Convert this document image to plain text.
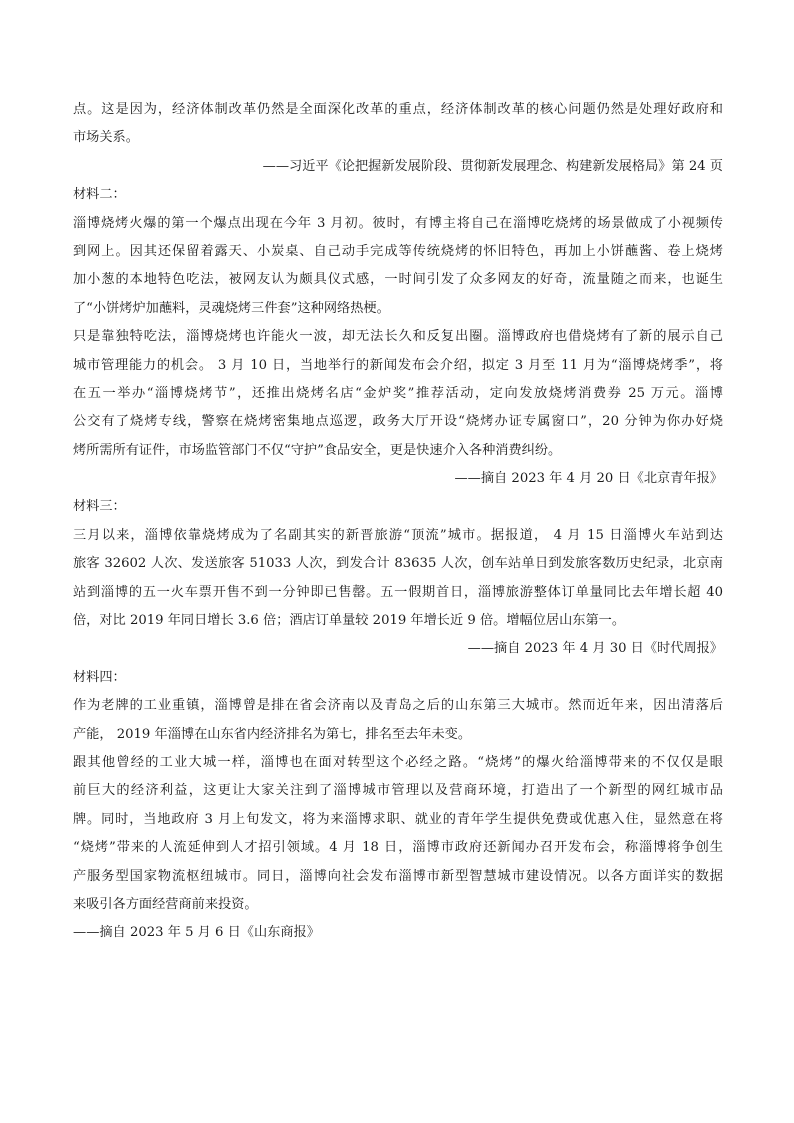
点。这是因为，经济体制改革仍然是全面深化改革的重点，经济体制改革的核心问题仍然是处理好政府和
市场关系。
——习近平《论把握新发展阶段、贯彻新发展理念、构建新发展格局》第 24 页
材料二：
淄博烧烤火爆的第一个爆点出现在今年 3 月初。彼时，有博主将自己在淄博吃烧烤的场景做成了小视频传
到网上。因其还保留着露天、小炭桌、自己动手完成等传统烧烤的怀旧特色，再加上小饼蘸酱、卷上烧烤
加小葱的本地特色吃法，被网友认为颇具仪式感，一时间引发了众多网友的好奇，流量随之而来，也诞生
了“小饼烤炉加蘸料，灵魂烧烤三件套”这种网络热梗。
只是靠独特吃法，淄博烧烤也许能火一波，却无法长久和反复出圈。淄博政府也借烧烤有了新的展示自己
城市管理能力的机会。 3 月 10 日，当地举行的新闻发布会介绍，拟定 3 月至 11 月为“淄博烧烤季”，将
在五一举办“淄博烧烤节”，还推出烧烤名店“金炉奖”推荐活动，定向发放烧烤消费券 25 万元。淄博
公交有了烧烤专线，警察在烧烤密集地点巡逻，政务大厅开设“烧烤办证专属窗口”，20 分钟为你办好烧
烤所需所有证件，市场监管部门不仅“守护”食品安全，更是快速介入各种消费纠纷。
——摘自 2023 年 4 月 20 日《北京青年报》
材料三：
三月以来，淄博依靠烧烤成为了名副其实的新晋旅游“顶流”城市。据报道， 4 月 15 日淄博火车站到达
旅客 32602 人次、发送旅客 51033 人次，到发合计 83635 人次，创车站单日到发旅客数历史纪录，北京南
站到淄博的五一火车票开售不到一分钟即已售罄。五一假期首日，淄博旅游整体订单量同比去年增长超 40
倍，对比 2019 年同日增长 3.6 倍；酒店订单量较 2019 年增长近 9 倍。增幅位居山东第一。
——摘自 2023 年 4 月 30 日《时代周报》
材料四：
作为老牌的工业重镇，淄博曾是排在省会济南以及青岛之后的山东第三大城市。然而近年来，因出清落后
产能， 2019 年淄博在山东省内经济排名为第七，排名至去年未变。
跟其他曾经的工业大城一样，淄博也在面对转型这个必经之路。“烧烤”的爆火给淄博带来的不仅仅是眼
前巨大的经济利益，这更让大家关注到了淄博城市管理以及营商环境，打造出了一个新型的网红城市品
牌。同时，当地政府 3 月上旬发文，将为来淄博求职、就业的青年学生提供免费或优惠入住，显然意在将
“烧烤”带来的人流延伸到人才招引领域。4 月 18 日，淄博市政府还新闻办召开发布会，称淄博将争创生
产服务型国家物流枢纽城市。同日，淄博向社会发布淄博市新型智慧城市建设情况。以各方面详实的数据
来吸引各方面经营商前来投资。
——摘自 2023 年 5 月 6 日《山东商报》
